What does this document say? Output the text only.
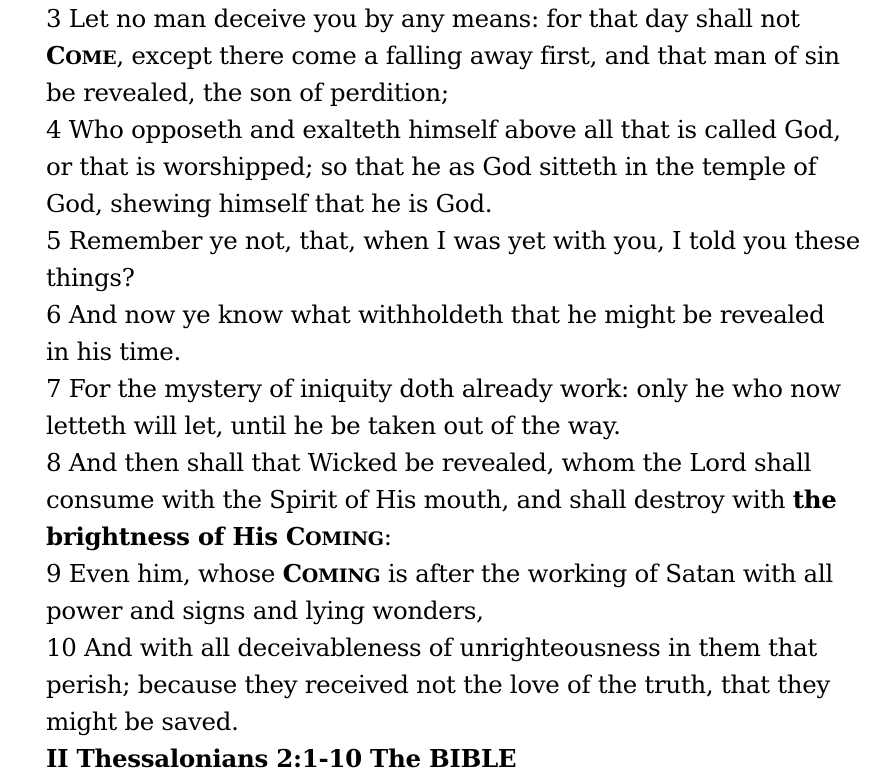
3 Let no man deceive you by any means: for that day shall not
COME, except there come a falling away first, and that man of sin
be revealed, the son of perdition;
4 Who opposeth and exalteth himself above all that is called God,
or that is worshipped; so that he as God sitteth in the temple of
God, shewing himself that he is God.
5 Remember ye not, that, when I was yet with you, I told you these
things?
6 And now ye know what withholdeth that he might be revealed
in his time.
7 For the mystery of iniquity doth already work: only he who now
letteth will let, until he be taken out of the way.
8 And then shall that Wicked be revealed, whom the Lord shall
consume with the Spirit of His mouth, and shall destroy with the
brightness of His COMING:
9 Even him, whose COMING is after the working of Satan with all
power and signs and lying wonders,
10 And with all deceivableness of unrighteousness in them that
perish; because they received not the love of the truth, that they
might be saved.
II Thessalonians 2:1-10 The BIBLE
